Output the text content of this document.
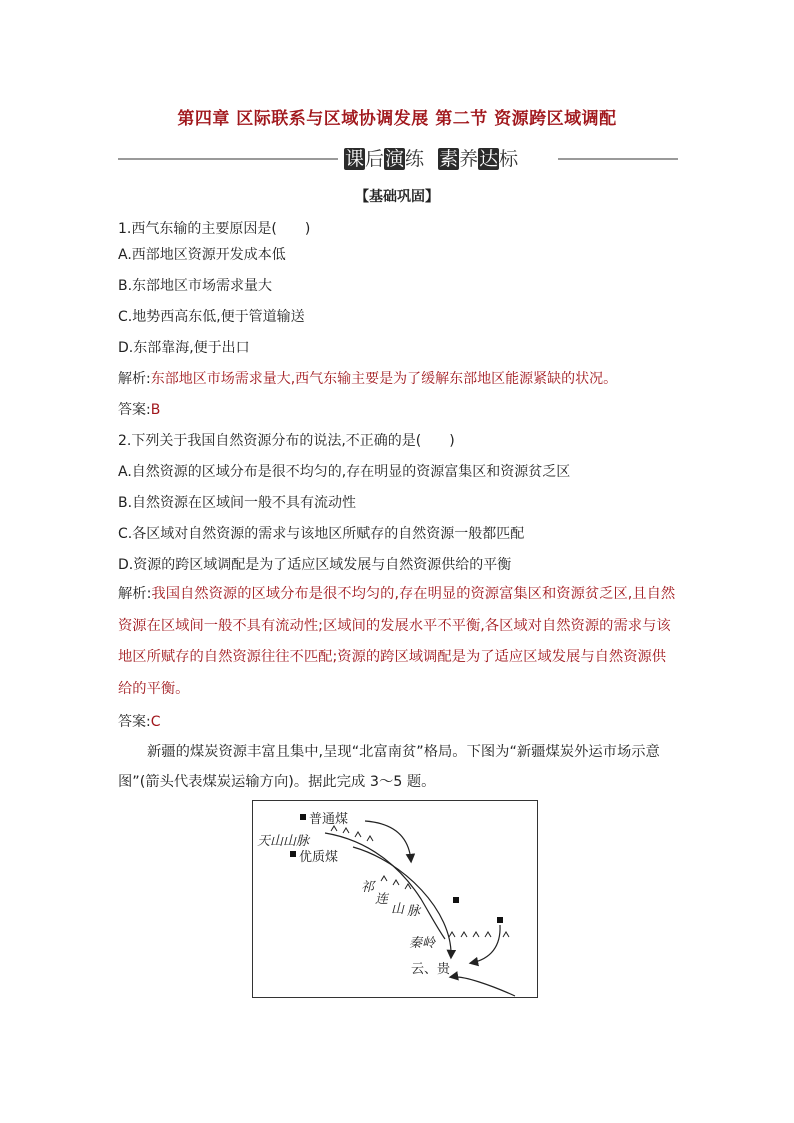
第四章 区际联系与区域协调发展 第二节 资源跨区域调配
课 后 演 练 素 养 达 标
【基础巩固】
1.西气东输的主要原因是(　　)
A.西部地区资源开发成本低
B.东部地区市场需求量大
C.地势西高东低,便于管道输送
D.东部靠海,便于出口
解析:东部地区市场需求量大,西气东输主要是为了缓解东部地区能源紧缺的状况。
答案:B
2.下列关于我国自然资源分布的说法,不正确的是(　　)
A.自然资源的区域分布是很不均匀的,存在明显的资源富集区和资源贫乏区
B.自然资源在区域间一般不具有流动性
C.各区域对自然资源的需求与该地区所赋存的自然资源一般都匹配
D.资源的跨区域调配是为了适应区域发展与自然资源供给的平衡
解析:我国自然资源的区域分布是很不均匀的,存在明显的资源富集区和资源贫乏区,且自然资源在区域间一般不具有流动性;区域间的发展水平不平衡,各区域对自然资源的需求与该地区所赋存的自然资源往往不匹配;资源的跨区域调配是为了适应区域发展与自然资源供给的平衡。
答案:C
新疆的煤炭资源丰富且集中,呈现“北富南贫”格局。下图为“新疆煤炭外运市场示意图”(箭头代表煤炭运输方向)。据此完成 3～5 题。
普通煤
天山山脉
优质煤
祁
连
山 脉
秦岭
云、贵
